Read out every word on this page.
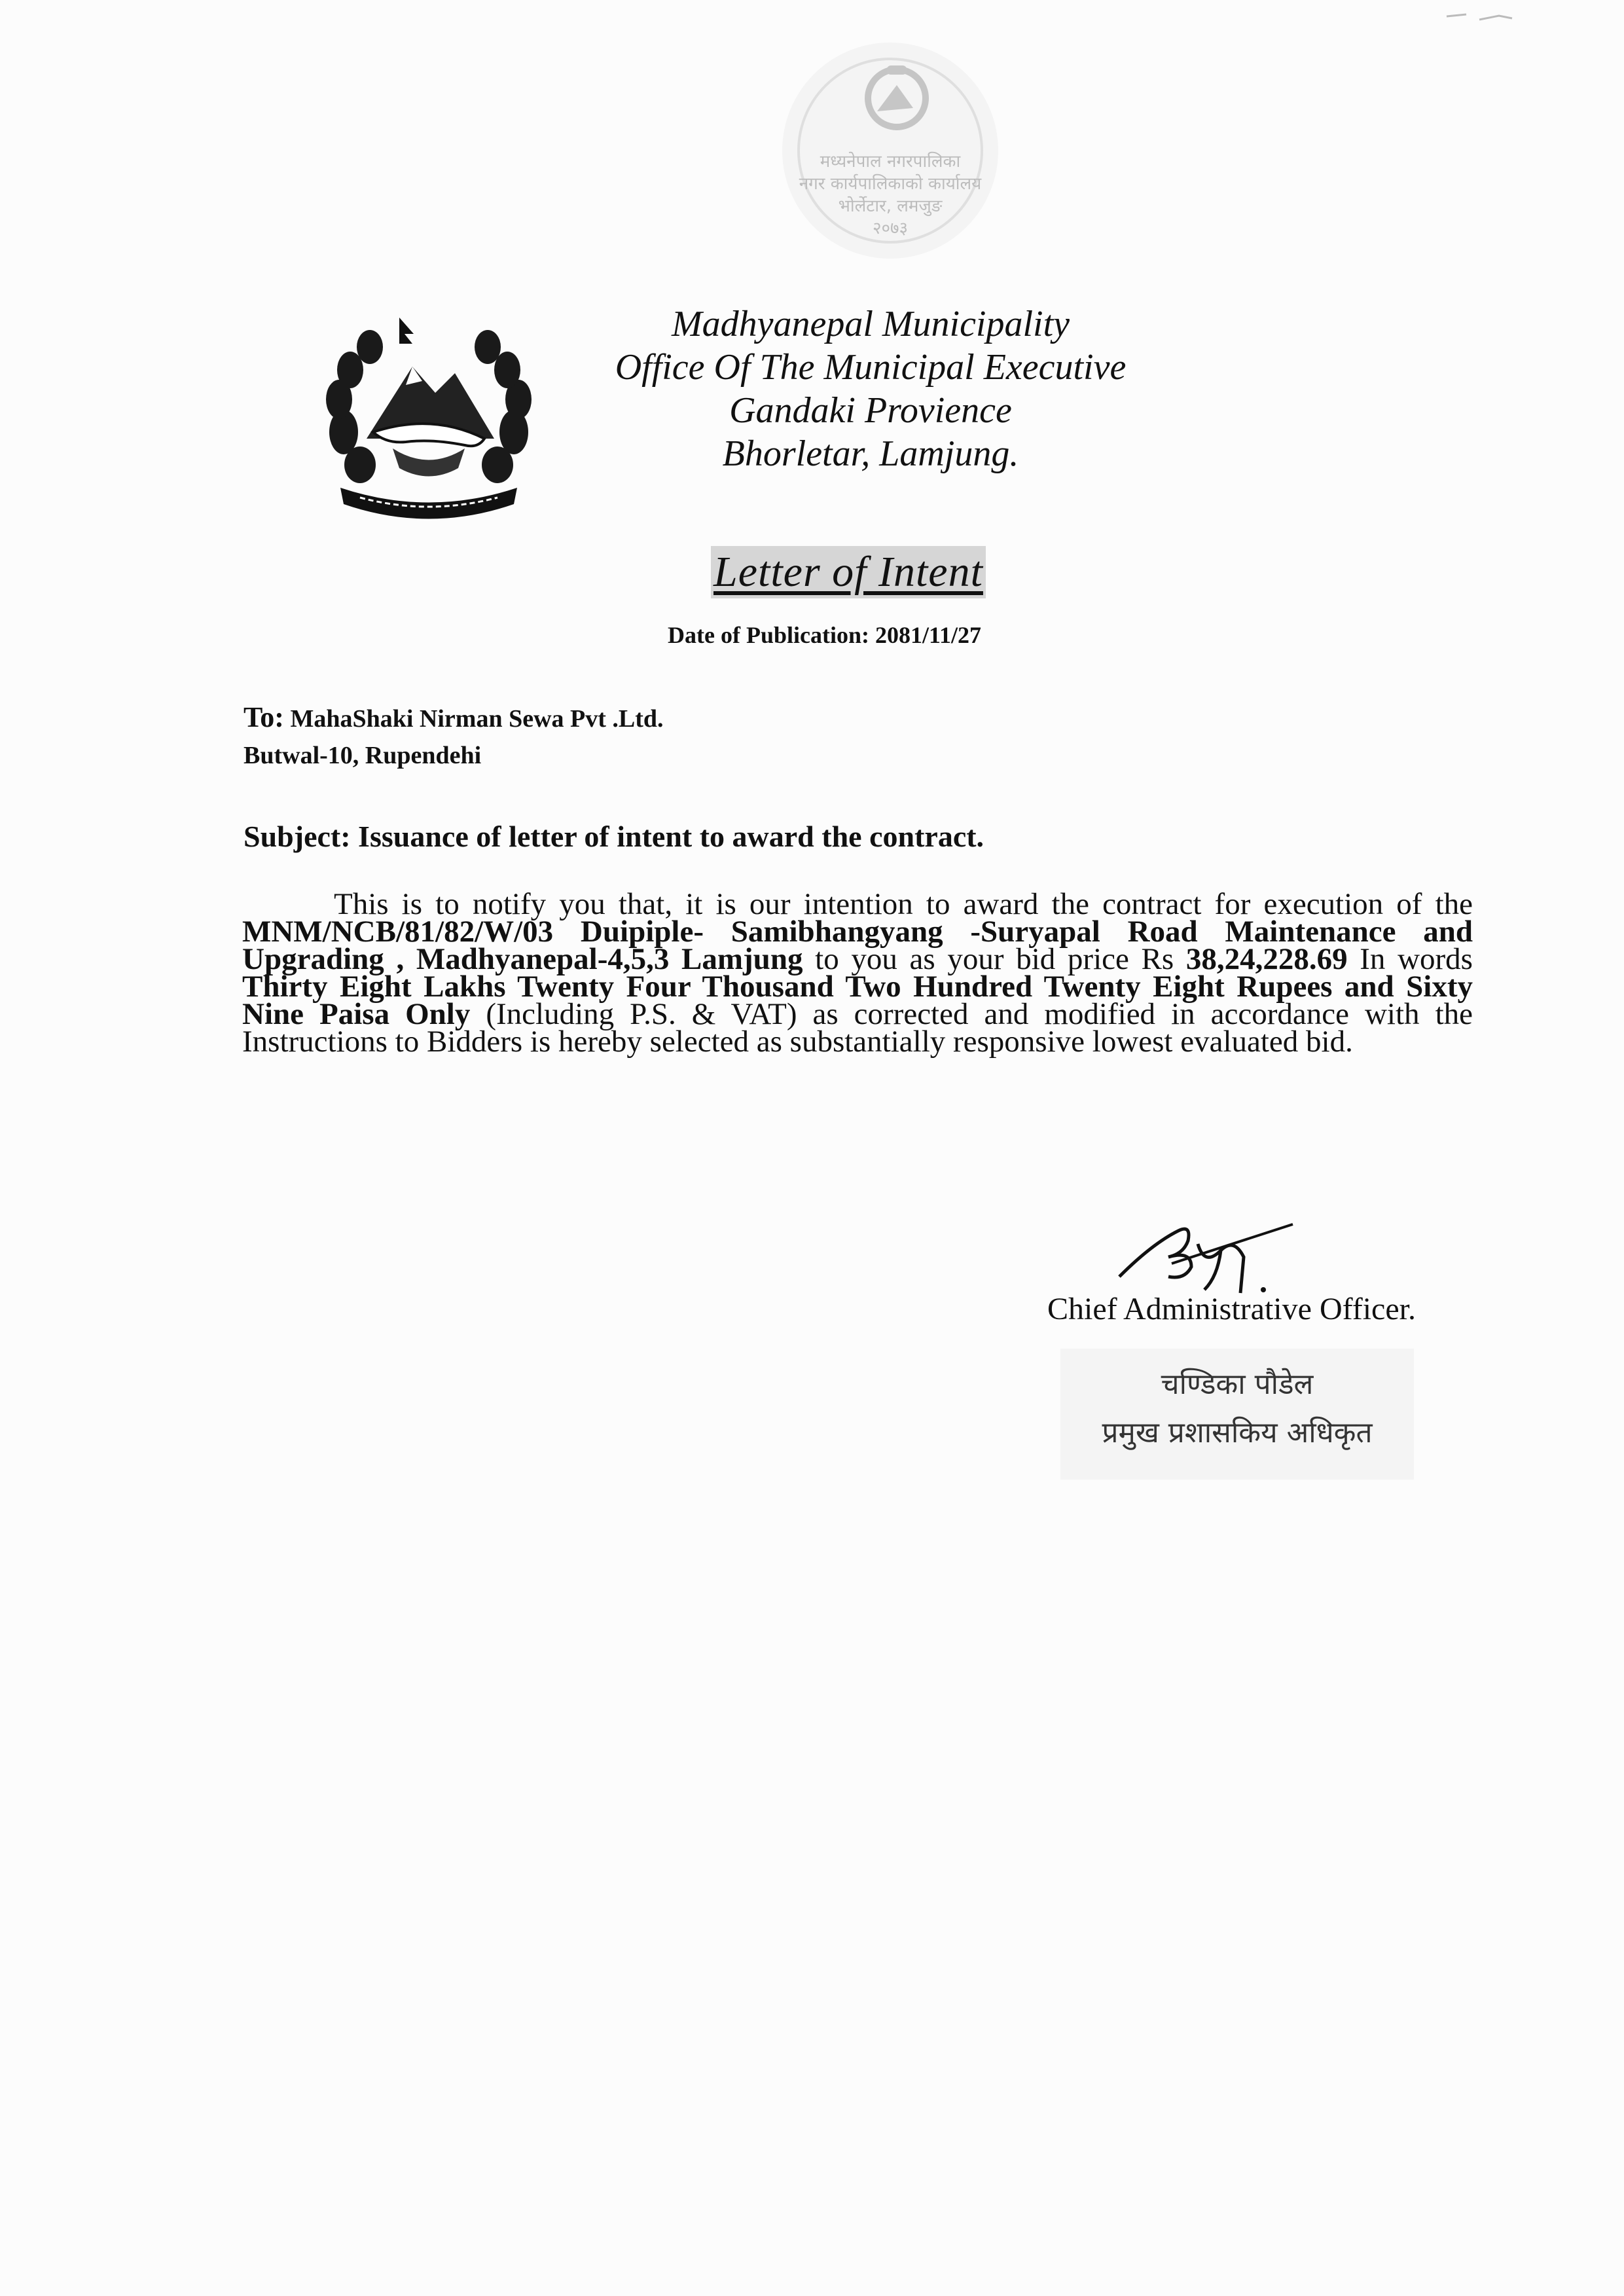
मध्यनेपाल नगरपालिका
नगर कार्यपालिकाको कार्यालय
भोर्लेटार, लमजुङ
२०७३
Madhyanepal Municipality
Office Of The Municipal Executive
Gandaki Provience
Bhorletar, Lamjung.
Letter of Intent
Date of Publication: 2081/11/27
To: MahaShaki Nirman Sewa Pvt .Ltd.
Butwal-10, Rupendehi
Subject: Issuance of letter of intent to award the contract.
This is to notify you that, it is our intention to award the contract for execution of the MNM/NCB/81/82/W/03 Duipiple- Samibhangyang -Suryapal Road Maintenance and Upgrading , Madhyanepal-4,5,3 Lamjung to you as your bid price Rs 38,24,228.69 In words Thirty Eight Lakhs Twenty Four Thousand Two Hundred Twenty Eight Rupees and Sixty Nine Paisa Only (Including P.S. & VAT) as corrected and modified in accordance with the Instructions to Bidders is hereby selected as substantially responsive lowest evaluated bid.
Chief Administrative Officer.
चण्डिका पौडेल
प्रमुख प्रशासकिय अधिकृत
